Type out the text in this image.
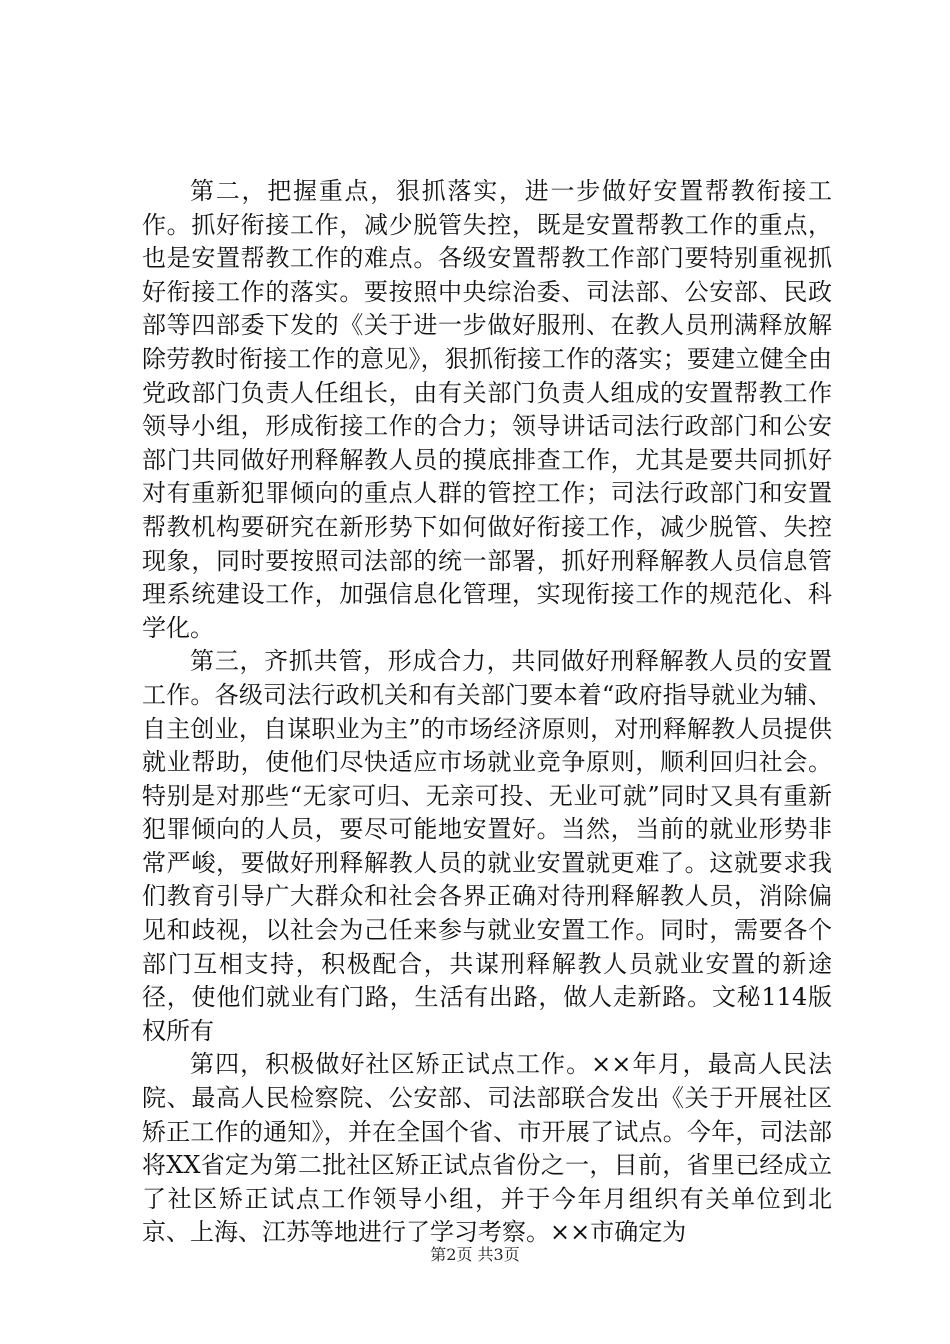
第二，把握重点，狠抓落实，进一步做好安置帮教衔接工作。抓好衔接工作，减少脱管失控，既是安置帮教工作的重点，也是安置帮教工作的难点。各级安置帮教工作部门要特别重视抓好衔接工作的落实。要按照中央综治委、司法部、公安部、民政部等四部委下发的《关于进一步做好服刑、在教人员刑满释放解除劳教时衔接工作的意见》，狠抓衔接工作的落实；要建立健全由党政部门负责人任组长，由有关部门负责人组成的安置帮教工作领导小组，形成衔接工作的合力；领导讲话司法行政部门和公安部门共同做好刑释解教人员的摸底排查工作，尤其是要共同抓好对有重新犯罪倾向的重点人群的管控工作；司法行政部门和安置帮教机构要研究在新形势下如何做好衔接工作，减少脱管、失控现象，同时要按照司法部的统一部署，抓好刑释解教人员信息管理系统建设工作，加强信息化管理，实现衔接工作的规范化、科学化。

第三，齐抓共管，形成合力，共同做好刑释解教人员的安置工作。各级司法行政机关和有关部门要本着“政府指导就业为辅、自主创业，自谋职业为主”的市场经济原则，对刑释解教人员提供就业帮助，使他们尽快适应市场就业竞争原则，顺利回归社会。特别是对那些“无家可归、无亲可投、无业可就”同时又具有重新犯罪倾向的人员，要尽可能地安置好。当然，当前的就业形势非常严峻，要做好刑释解教人员的就业安置就更难了。这就要求我们教育引导广大群众和社会各界正确对待刑释解教人员，消除偏见和歧视，以社会为己任来参与就业安置工作。同时，需要各个部门互相支持，积极配合，共谋刑释解教人员就业安置的新途径，使他们就业有门路，生活有出路，做人走新路。文秘114版权所有

第四，积极做好社区矫正试点工作。××年月，最高人民法院、最高人民检察院、公安部、司法部联合发出《关于开展社区矫正工作的通知》，并在全国个省、市开展了试点。今年，司法部将XX省定为第二批社区矫正试点省份之一，目前，省里已经成立了社区矫正试点工作领导小组，并于今年月组织有关单位到北京、上海、江苏等地进行了学习考察。××市确定为

第2页 共3页
